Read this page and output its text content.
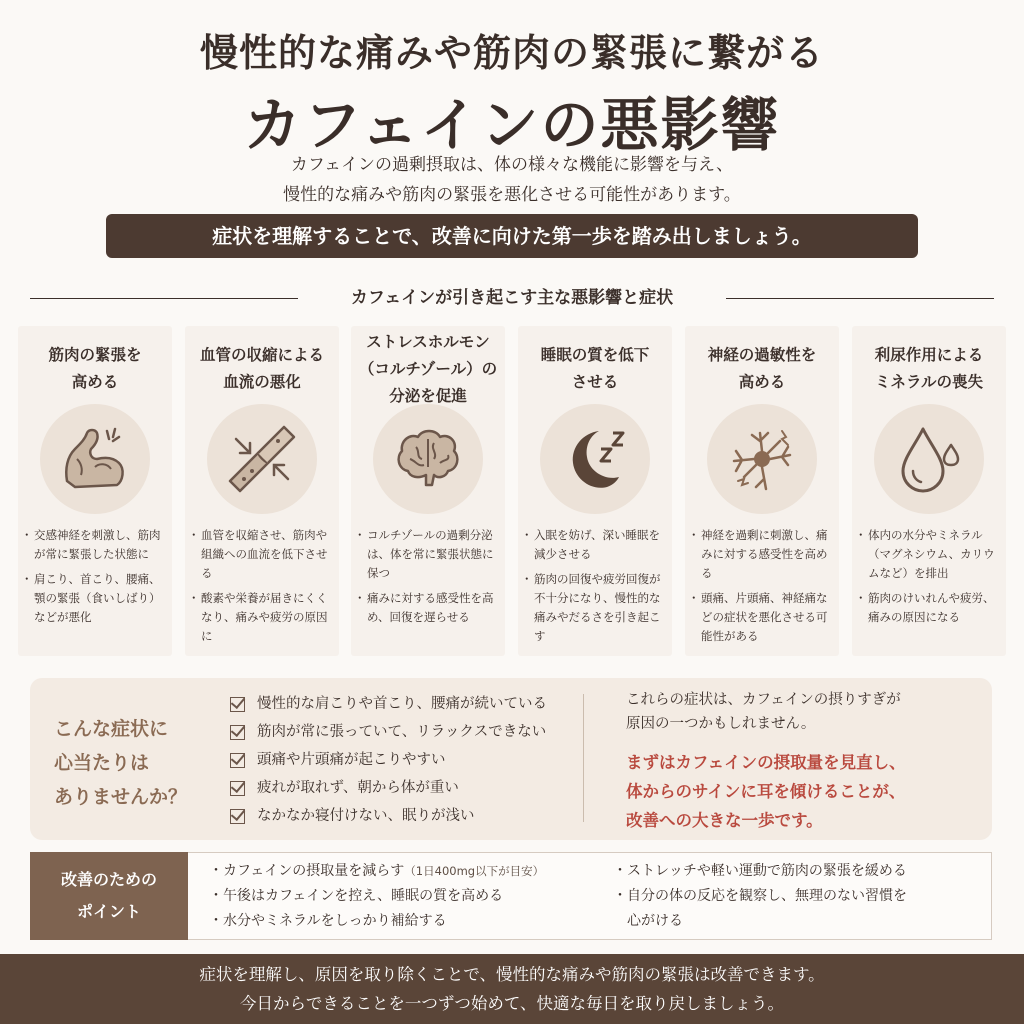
慢性的な痛みや筋肉の緊張に繋がる
カフェインの悪影響
カフェインの過剰摂取は、体の様々な機能に影響を与え、
慢性的な痛みや筋肉の緊張を悪化させる可能性があります。
症状を理解することで、改善に向けた第一歩を踏み出しましょう。
カフェインが引き起こす主な悪影響と症状
筋肉の緊張を
高める
・ 交感神経を刺激し、筋肉が常に緊張した状態に
・ 肩こり、首こり、腰痛、顎の緊張（食いしばり）などが悪化
血管の収縮による
血流の悪化
・ 血管を収縮させ、筋肉や組織への血流を低下させる
・ 酸素や栄養が届きにくくなり、痛みや疲労の原因に
ストレスホルモン
（コルチゾール）の
分泌を促進
・ コルチゾールの過剰分泌は、体を常に緊張状態に保つ
・ 痛みに対する感受性を高め、回復を遅らせる
睡眠の質を低下
させる
・ 入眠を妨げ、深い睡眠を減少させる
・ 筋肉の回復や疲労回復が不十分になり、慢性的な痛みやだるさを引き起こす
神経の過敏性を
高める
・ 神経を過剰に刺激し、痛みに対する感受性を高める
・ 頭痛、片頭痛、神経痛などの症状を悪化させる可能性がある
利尿作用による
ミネラルの喪失
・ 体内の水分やミネラル（マグネシウム、カリウムなど）を排出
・ 筋肉のけいれんや疲労、痛みの原因になる
こんな症状に
心当たりは
ありませんか？
慢性的な肩こりや首こり、腰痛が続いている
筋肉が常に張っていて、リラックスできない
頭痛や片頭痛が起こりやすい
疲れが取れず、朝から体が重い
なかなか寝付けない、眠りが浅い
これらの症状は、カフェインの摂りすぎが
原因の一つかもしれません。
まずはカフェインの摂取量を見直し、
体からのサインに耳を傾けることが、
改善への大きな一歩です。
改善のための
ポイント
・カフェインの摂取量を減らす（1日400mg以下が目安）
・午後はカフェインを控え、睡眠の質を高める
・水分やミネラルをしっかり補給する
・ストレッチや軽い運動で筋肉の緊張を緩める
・自分の体の反応を観察し、無理のない習慣を
心がける
症状を理解し、原因を取り除くことで、慢性的な痛みや筋肉の緊張は改善できます。
今日からできることを一つずつ始めて、快適な毎日を取り戻しましょう。
